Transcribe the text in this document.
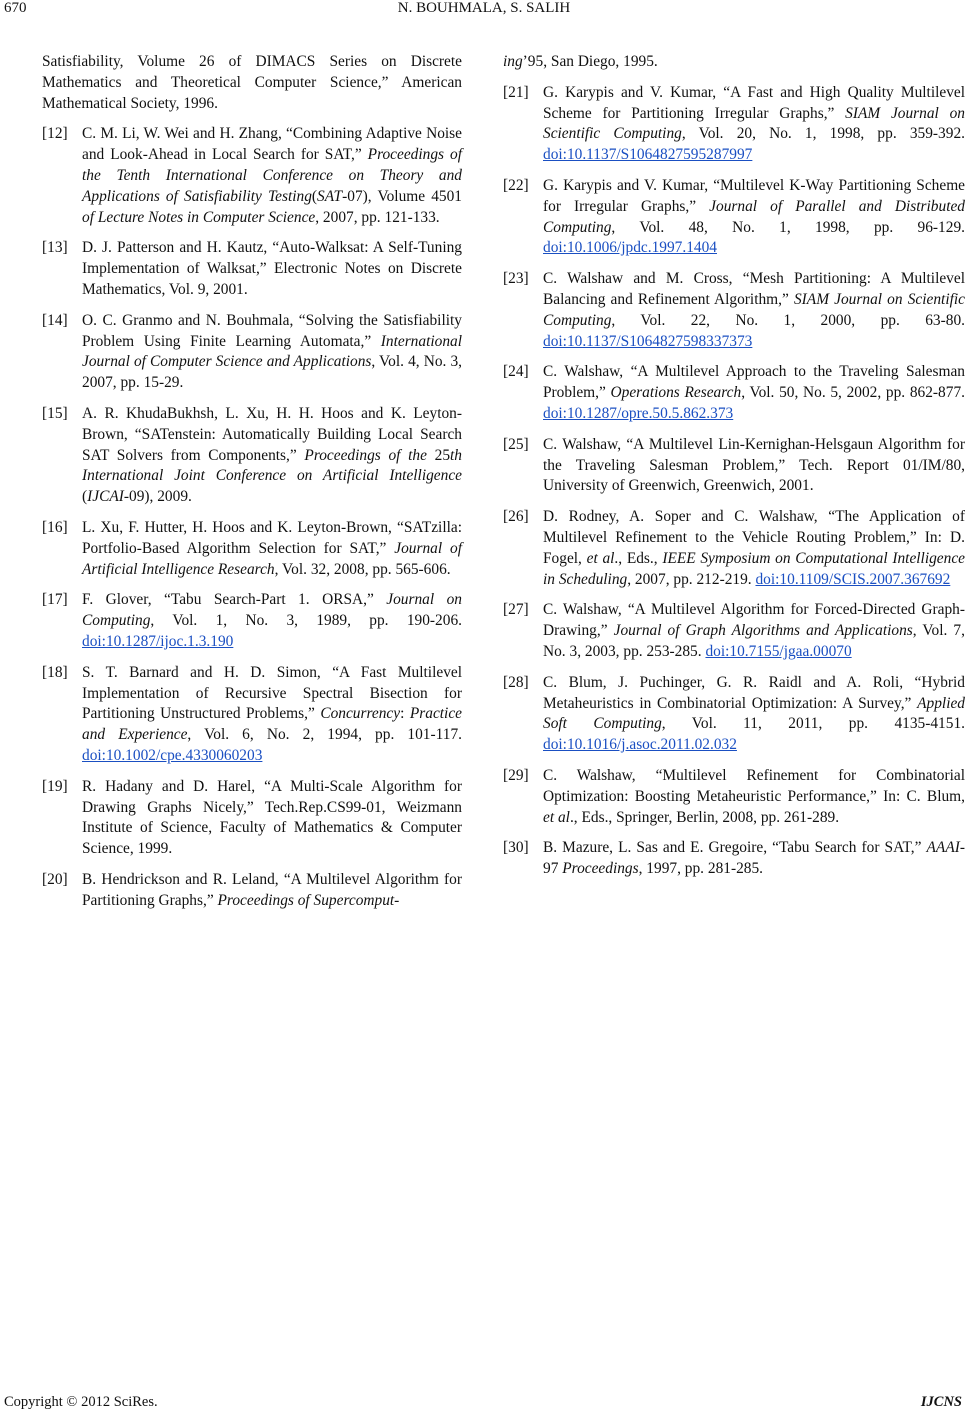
670	N. BOUHMALA, S. SALIH
Satisfiability, Volume 26 of DIMACS Series on Discrete Mathematics and Theoretical Computer Science,” American Mathematical Society, 1996.
[12] C. M. Li, W. Wei and H. Zhang, “Combining Adaptive Noise and Look-Ahead in Local Search for SAT,” Proceedings of the Tenth International Conference on Theory and Applications of Satisfiability Testing(SAT-07), Volume 4501 of Lecture Notes in Computer Science, 2007, pp. 121-133.
[13] D. J. Patterson and H. Kautz, “Auto-Walksat: A Self-Tuning Implementation of Walksat,” Electronic Notes on Discrete Mathematics, Vol. 9, 2001.
[14] O. C. Granmo and N. Bouhmala, “Solving the Satisfiability Problem Using Finite Learning Automata,” International Journal of Computer Science and Applications, Vol. 4, No. 3, 2007, pp. 15-29.
[15] A. R. KhudaBukhsh, L. Xu, H. H. Hoos and K. Leyton-Brown, “SATenstein: Automatically Building Local Search SAT Solvers from Components,” Proceedings of the 25th International Joint Conference on Artificial Intelligence (IJCAI-09), 2009.
[16] L. Xu, F. Hutter, H. Hoos and K. Leyton-Brown, “SATzilla: Portfolio-Based Algorithm Selection for SAT,” Journal of Artificial Intelligence Research, Vol. 32, 2008, pp. 565-606.
[17] F. Glover, “Tabu Search-Part 1. ORSA,” Journal on Computing, Vol. 1, No. 3, 1989, pp. 190-206. doi:10.1287/ijoc.1.3.190
[18] S. T. Barnard and H. D. Simon, “A Fast Multilevel Implementation of Recursive Spectral Bisection for Partitioning Unstructured Problems,” Concurrency: Practice and Experience, Vol. 6, No. 2, 1994, pp. 101-117. doi:10.1002/cpe.4330060203
[19] R. Hadany and D. Harel, “A Multi-Scale Algorithm for Drawing Graphs Nicely,” Tech.Rep.CS99-01, Weizmann Institute of Science, Faculty of Mathematics & Computer Science, 1999.
[20] B. Hendrickson and R. Leland, “A Multilevel Algorithm for Partitioning Graphs,” Proceedings of Supercomput-
ing’95, San Diego, 1995.
[21] G. Karypis and V. Kumar, “A Fast and High Quality Multilevel Scheme for Partitioning Irregular Graphs,” SIAM Journal on Scientific Computing, Vol. 20, No. 1, 1998, pp. 359-392. doi:10.1137/S1064827595287997
[22] G. Karypis and V. Kumar, “Multilevel K-Way Partitioning Scheme for Irregular Graphs,” Journal of Parallel and Distributed Computing, Vol. 48, No. 1, 1998, pp. 96-129. doi:10.1006/jpdc.1997.1404
[23] C. Walshaw and M. Cross, “Mesh Partitioning: A Multilevel Balancing and Refinement Algorithm,” SIAM Journal on Scientific Computing, Vol. 22, No. 1, 2000, pp. 63-80. doi:10.1137/S1064827598337373
[24] C. Walshaw, “A Multilevel Approach to the Traveling Salesman Problem,” Operations Research, Vol. 50, No. 5, 2002, pp. 862-877. doi:10.1287/opre.50.5.862.373
[25] C. Walshaw, “A Multilevel Lin-Kernighan-Helsgaun Algorithm for the Traveling Salesman Problem,” Tech. Report 01/IM/80, University of Greenwich, Greenwich, 2001.
[26] D. Rodney, A. Soper and C. Walshaw, “The Application of Multilevel Refinement to the Vehicle Routing Problem,” In: D. Fogel, et al., Eds., IEEE Symposium on Computational Intelligence in Scheduling, 2007, pp. 212-219. doi:10.1109/SCIS.2007.367692
[27] C. Walshaw, “A Multilevel Algorithm for Forced-Directed Graph-Drawing,” Journal of Graph Algorithms and Applications, Vol. 7, No. 3, 2003, pp. 253-285. doi:10.7155/jgaa.00070
[28] C. Blum, J. Puchinger, G. R. Raidl and A. Roli, “Hybrid Metaheuristics in Combinatorial Optimization: A Survey,” Applied Soft Computing, Vol. 11, 2011, pp. 4135-4151. doi:10.1016/j.asoc.2011.02.032
[29] C. Walshaw, “Multilevel Refinement for Combinatorial Optimization: Boosting Metaheuristic Performance,” In: C. Blum, et al., Eds., Springer, Berlin, 2008, pp. 261-289.
[30] B. Mazure, L. Sas and E. Gregoire, “Tabu Search for SAT,” AAAI-97 Proceedings, 1997, pp. 281-285.
Copyright © 2012 SciRes.	IJCNS
